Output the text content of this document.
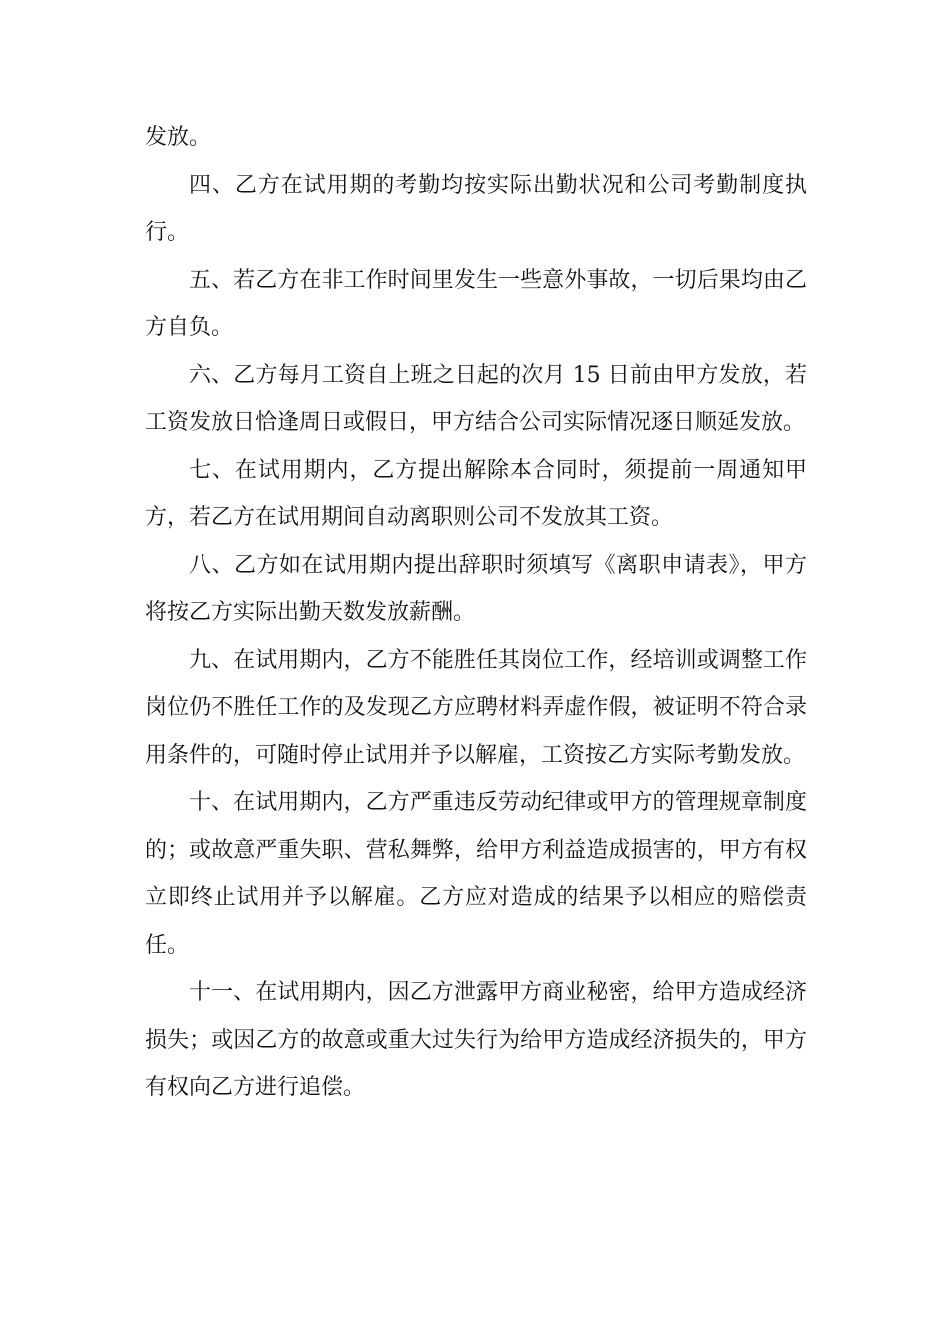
发放。

四、乙方在试用期的考勤均按实际出勤状况和公司考勤制度执行。

五、若乙方在非工作时间里发生一些意外事故，一切后果均由乙方自负。

六、乙方每月工资自上班之日起的次月 15 日前由甲方发放，若工资发放日恰逢周日或假日，甲方结合公司实际情况逐日顺延发放。

七、在试用期内，乙方提出解除本合同时，须提前一周通知甲方，若乙方在试用期间自动离职则公司不发放其工资。

八、乙方如在试用期内提出辞职时须填写《离职申请表》，甲方将按乙方实际出勤天数发放薪酬。

九、在试用期内，乙方不能胜任其岗位工作，经培训或调整工作岗位仍不胜任工作的及发现乙方应聘材料弄虚作假，被证明不符合录用条件的，可随时停止试用并予以解雇，工资按乙方实际考勤发放。

十、在试用期内，乙方严重违反劳动纪律或甲方的管理规章制度的；或故意严重失职、营私舞弊，给甲方利益造成损害的，甲方有权立即终止试用并予以解雇。乙方应对造成的结果予以相应的赔偿责任。

十一、在试用期内，因乙方泄露甲方商业秘密，给甲方造成经济损失；或因乙方的故意或重大过失行为给甲方造成经济损失的，甲方有权向乙方进行追偿。
